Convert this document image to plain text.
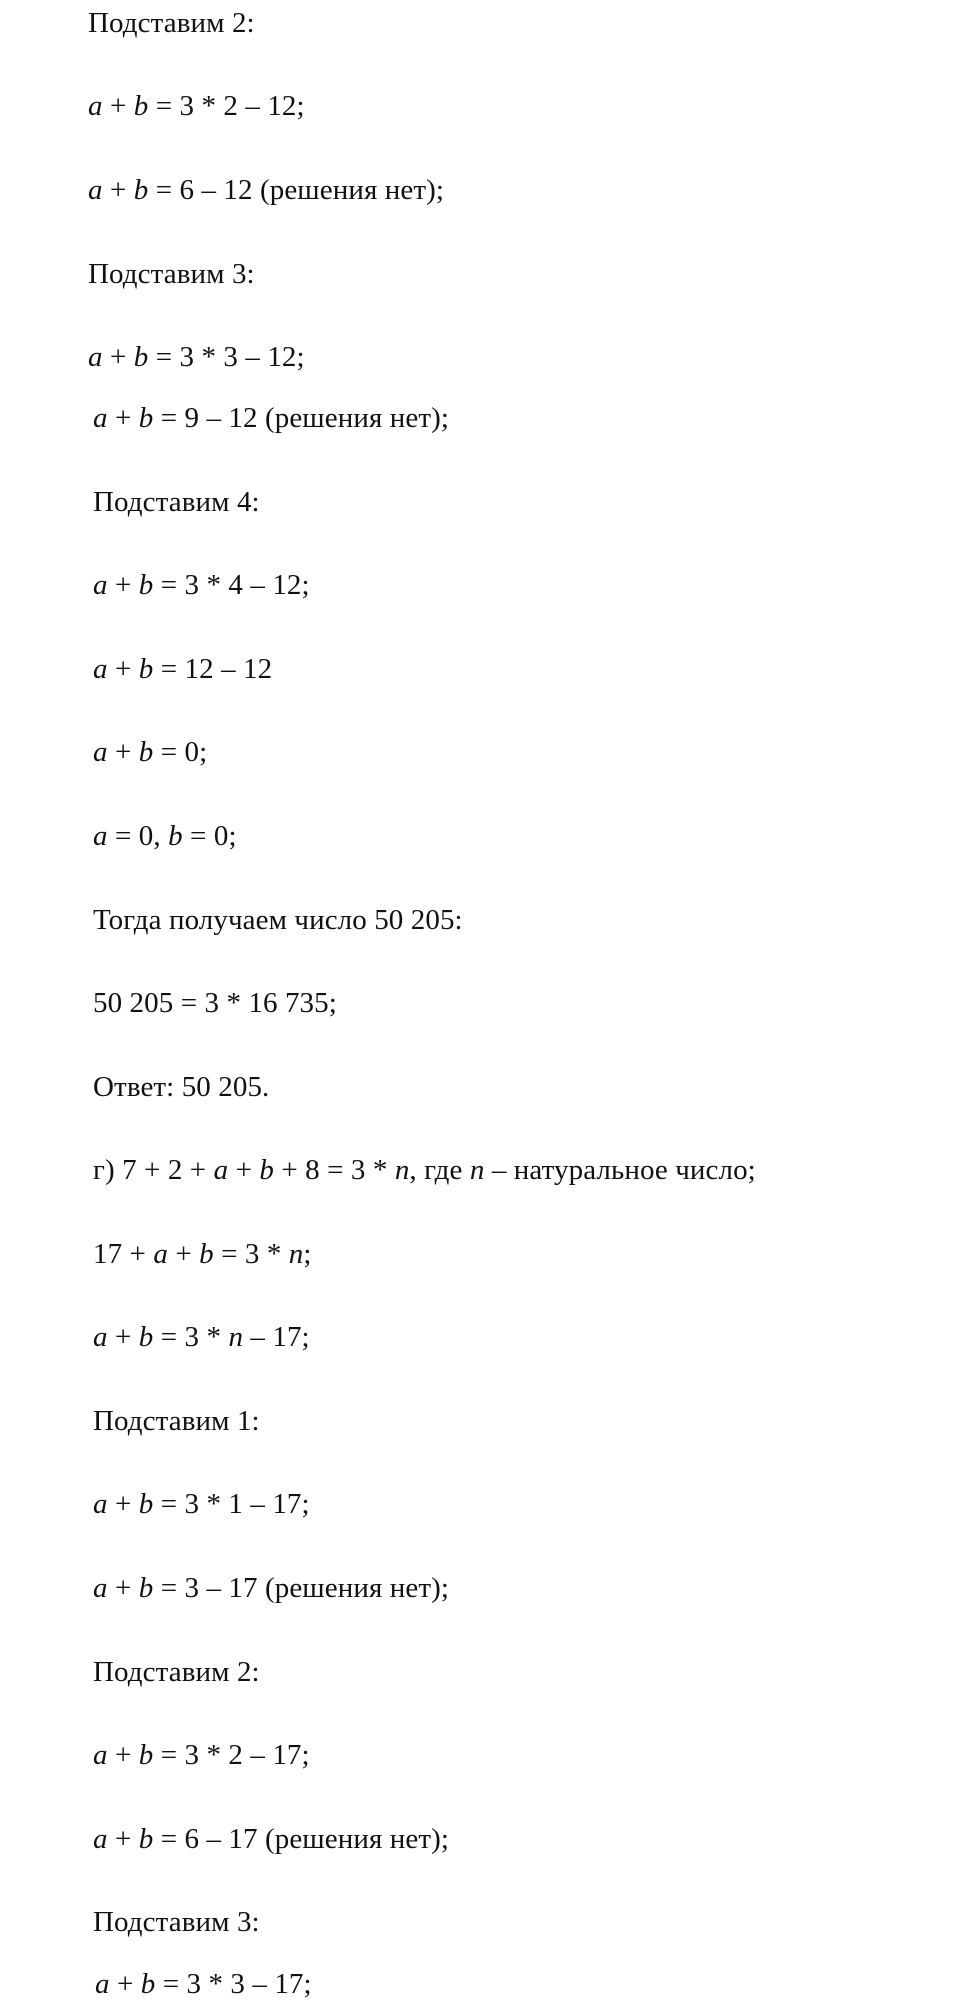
Подставим 2:
a + b = 3 * 2 – 12;
a + b = 6 – 12 (решения нет);
Подставим 3:
a + b = 3 * 3 – 12;
a + b = 9 – 12 (решения нет);
Подставим 4:
a + b = 3 * 4 – 12;
a + b = 12 – 12
a + b = 0;
a = 0, b = 0;
Тогда получаем число 50 205:
50 205 = 3 * 16 735;
Ответ: 50 205.
г) 7 + 2 + a + b + 8 = 3 * n, где n – натуральное число;
17 + a + b = 3 * n;
a + b = 3 * n – 17;
Подставим 1:
a + b = 3 * 1 – 17;
a + b = 3 – 17 (решения нет);
Подставим 2:
a + b = 3 * 2 – 17;
a + b = 6 – 17 (решения нет);
Подставим 3:
a + b = 3 * 3 – 17;
